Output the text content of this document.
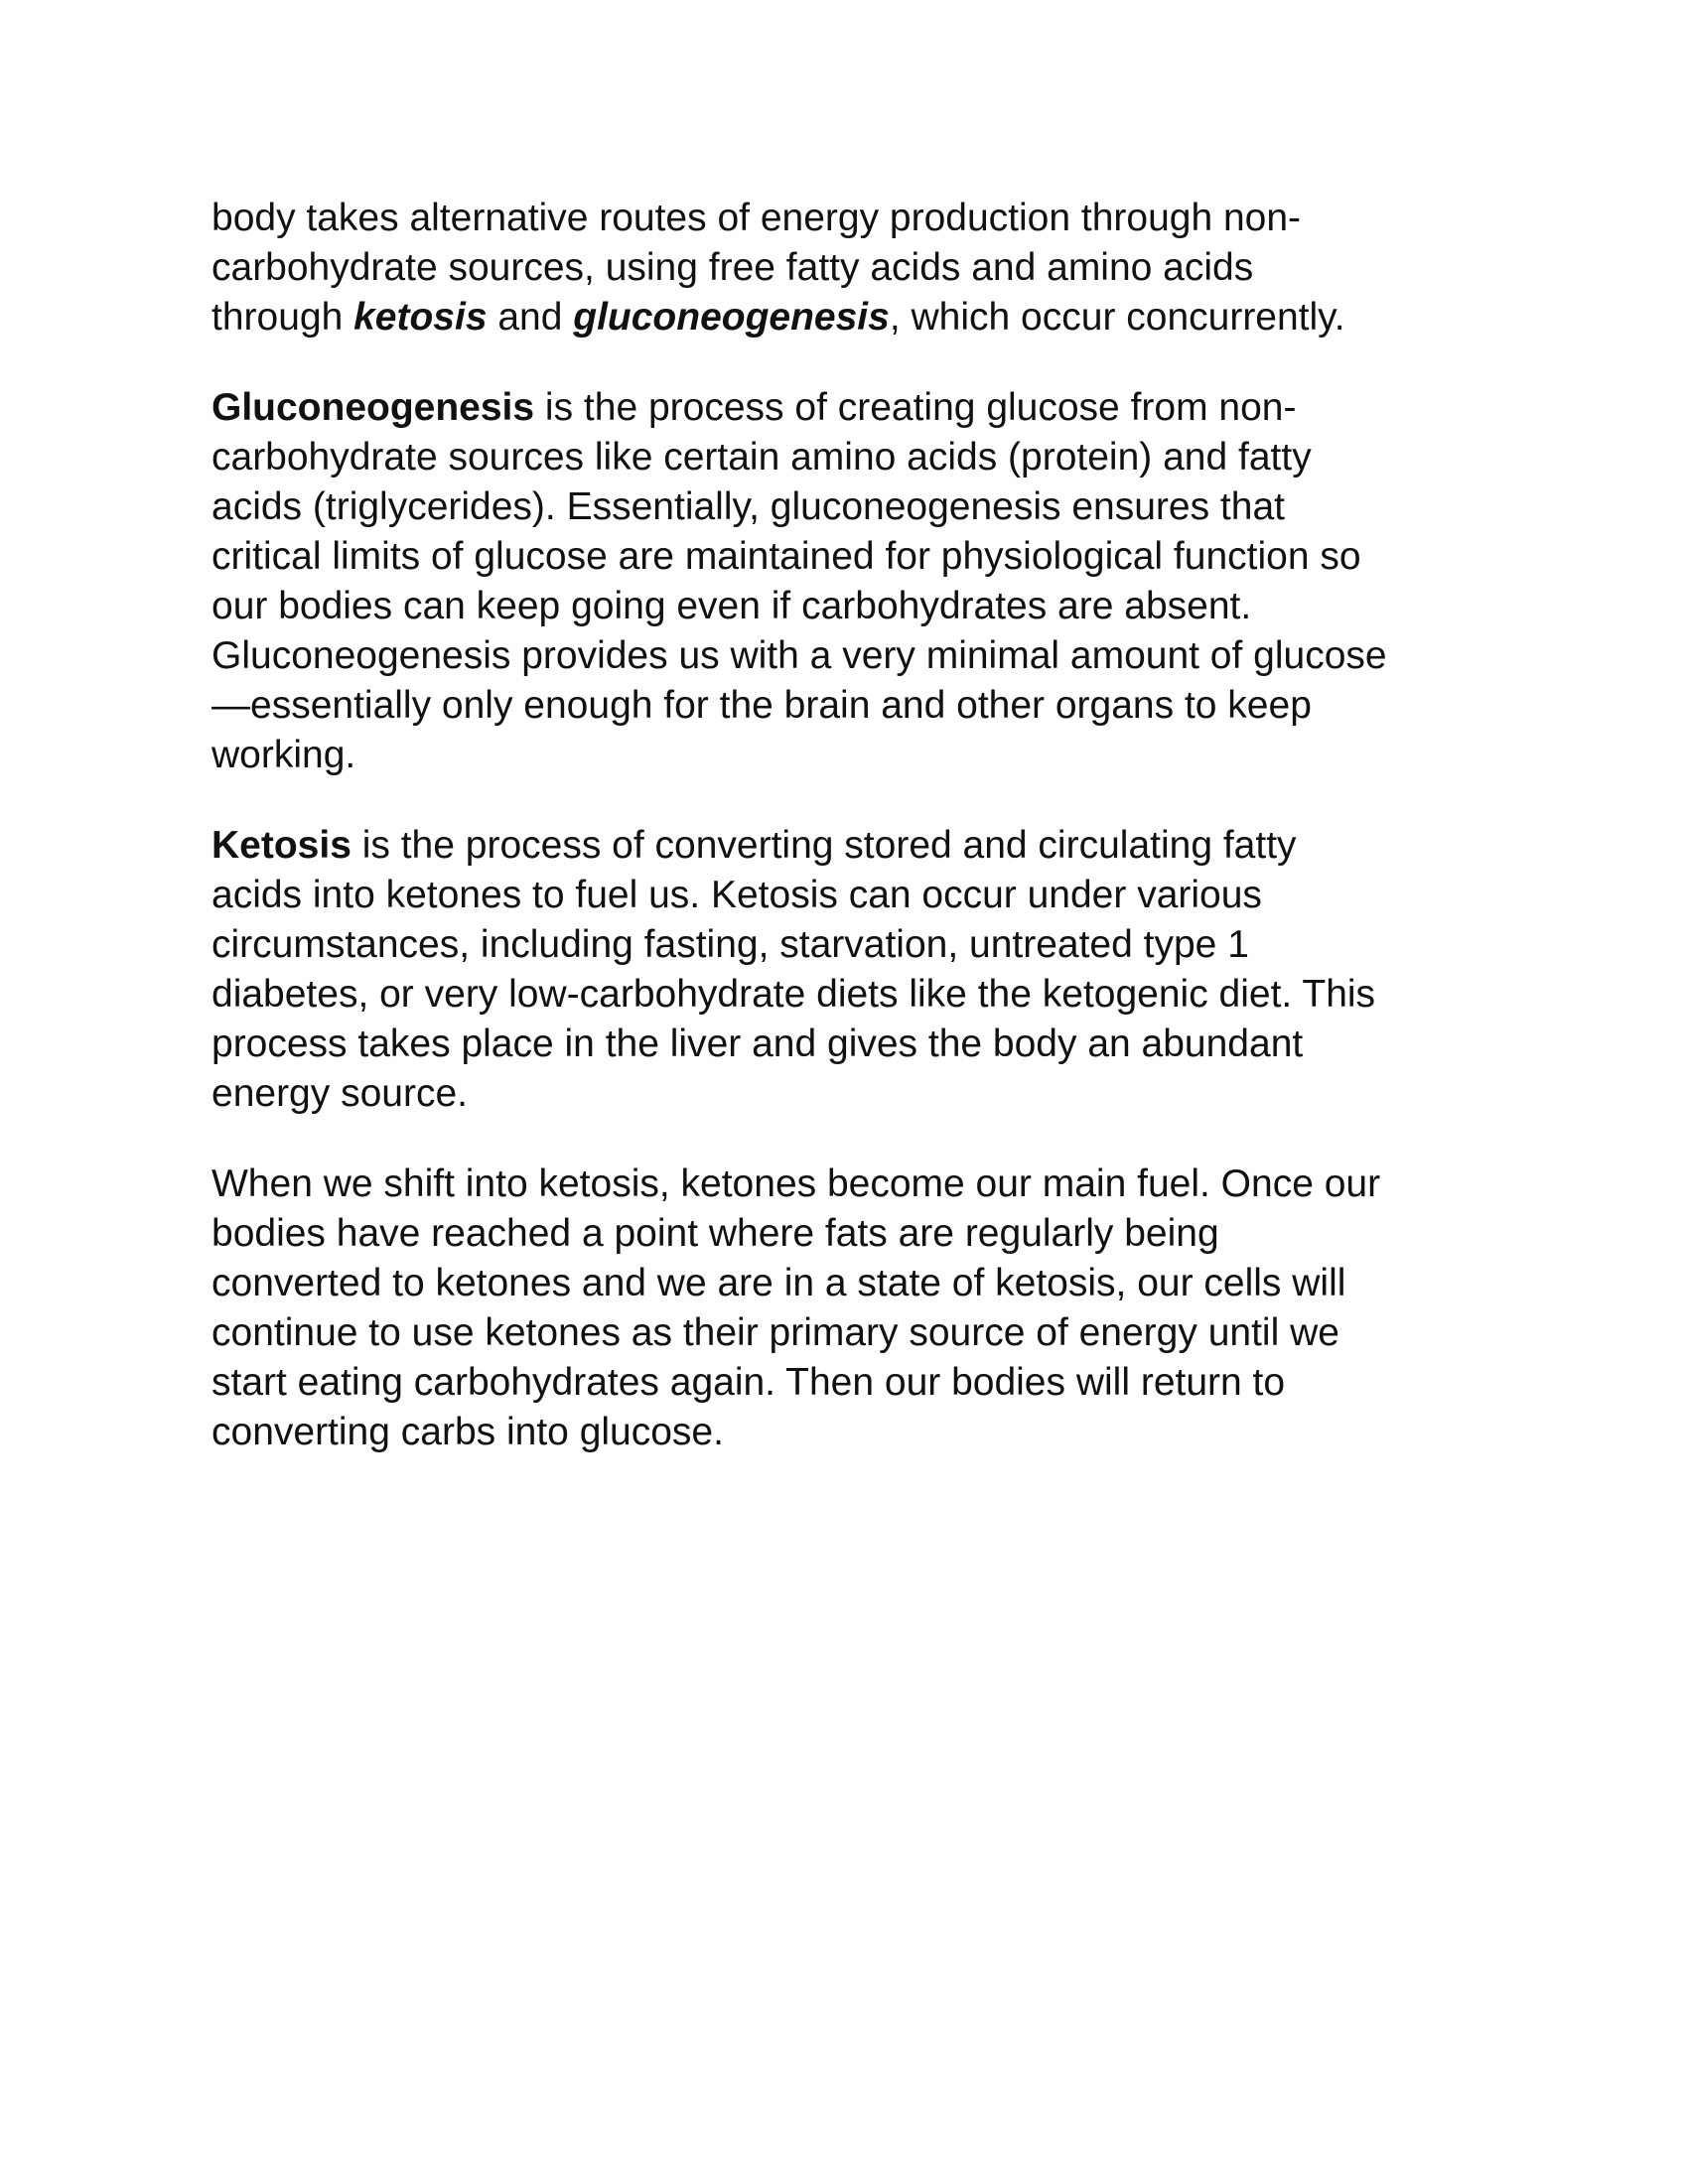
body takes alternative routes of energy production through non-
carbohydrate sources, using free fatty acids and amino acids
through ketosis and gluconeogenesis, which occur concurrently.

Gluconeogenesis is the process of creating glucose from non-
carbohydrate sources like certain amino acids (protein) and fatty
acids (triglycerides). Essentially, gluconeogenesis ensures that
critical limits of glucose are maintained for physiological function so
our bodies can keep going even if carbohydrates are absent.
Gluconeogenesis provides us with a very minimal amount of glucose
—essentially only enough for the brain and other organs to keep
working.

Ketosis is the process of converting stored and circulating fatty
acids into ketones to fuel us. Ketosis can occur under various
circumstances, including fasting, starvation, untreated type 1
diabetes, or very low-carbohydrate diets like the ketogenic diet. This
process takes place in the liver and gives the body an abundant
energy source.

When we shift into ketosis, ketones become our main fuel. Once our
bodies have reached a point where fats are regularly being
converted to ketones and we are in a state of ketosis, our cells will
continue to use ketones as their primary source of energy until we
start eating carbohydrates again. Then our bodies will return to
converting carbs into glucose.
